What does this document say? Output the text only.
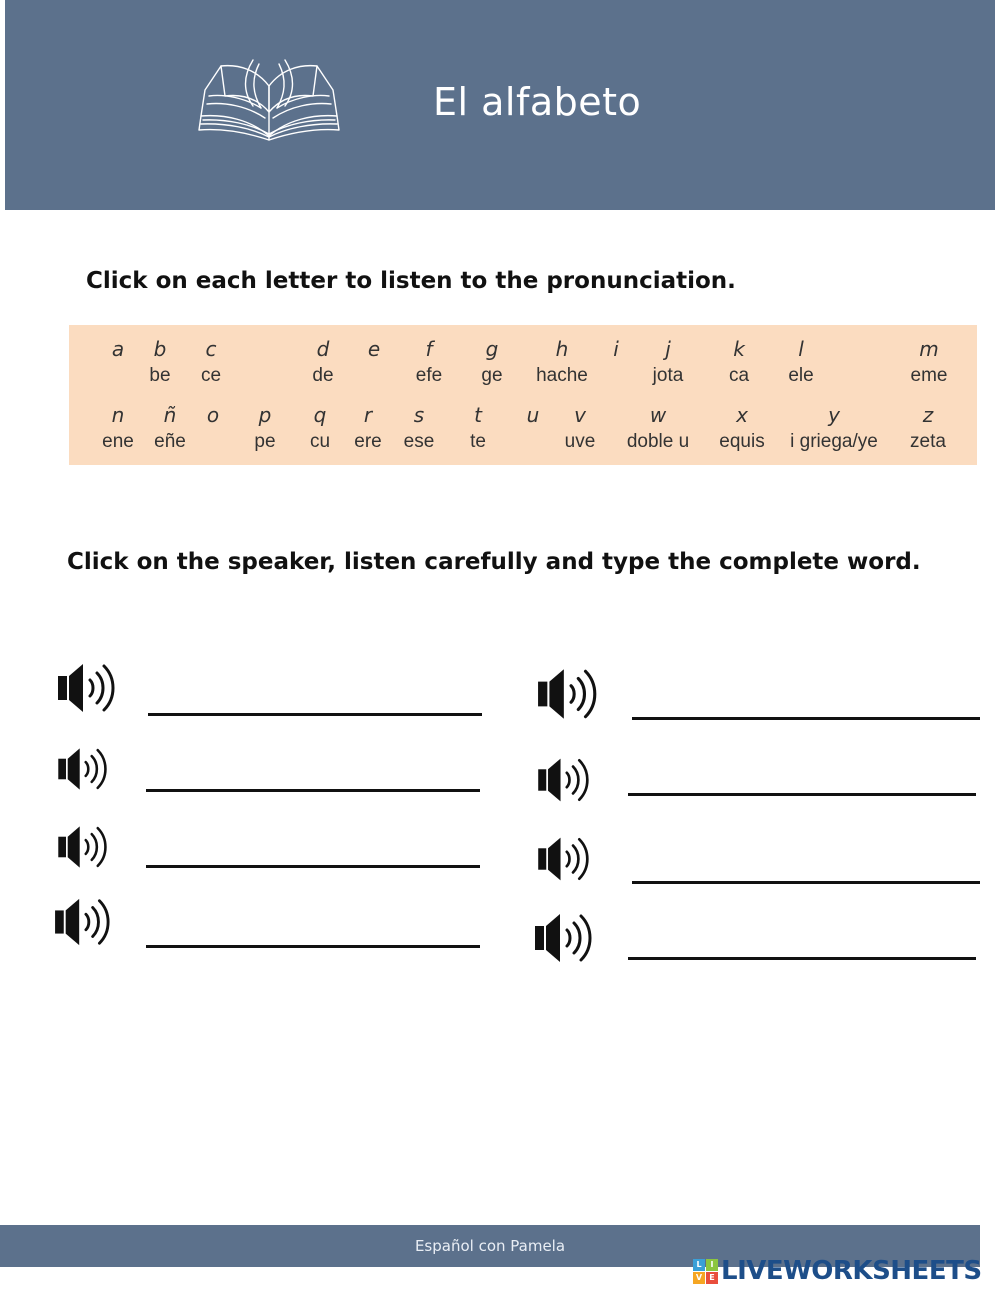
El alfabeto
Click on each letter to listen to the pronunciation.
a b
be
c
ce
d
de
e f
efe
g
ge
h
hache
i j
jota
k
ca
l
ele
m
eme
n
ene
ñ
eñe
o p
pe
q
cu
r
ere
s
ese
t
te
u v
uve
w
doble u
x
equis
y
i griega/ye
z
zeta
Click on the speaker, listen carefully and type the complete word.
Español con Pamela
L	I
V E LIVEWORKSHEETS
